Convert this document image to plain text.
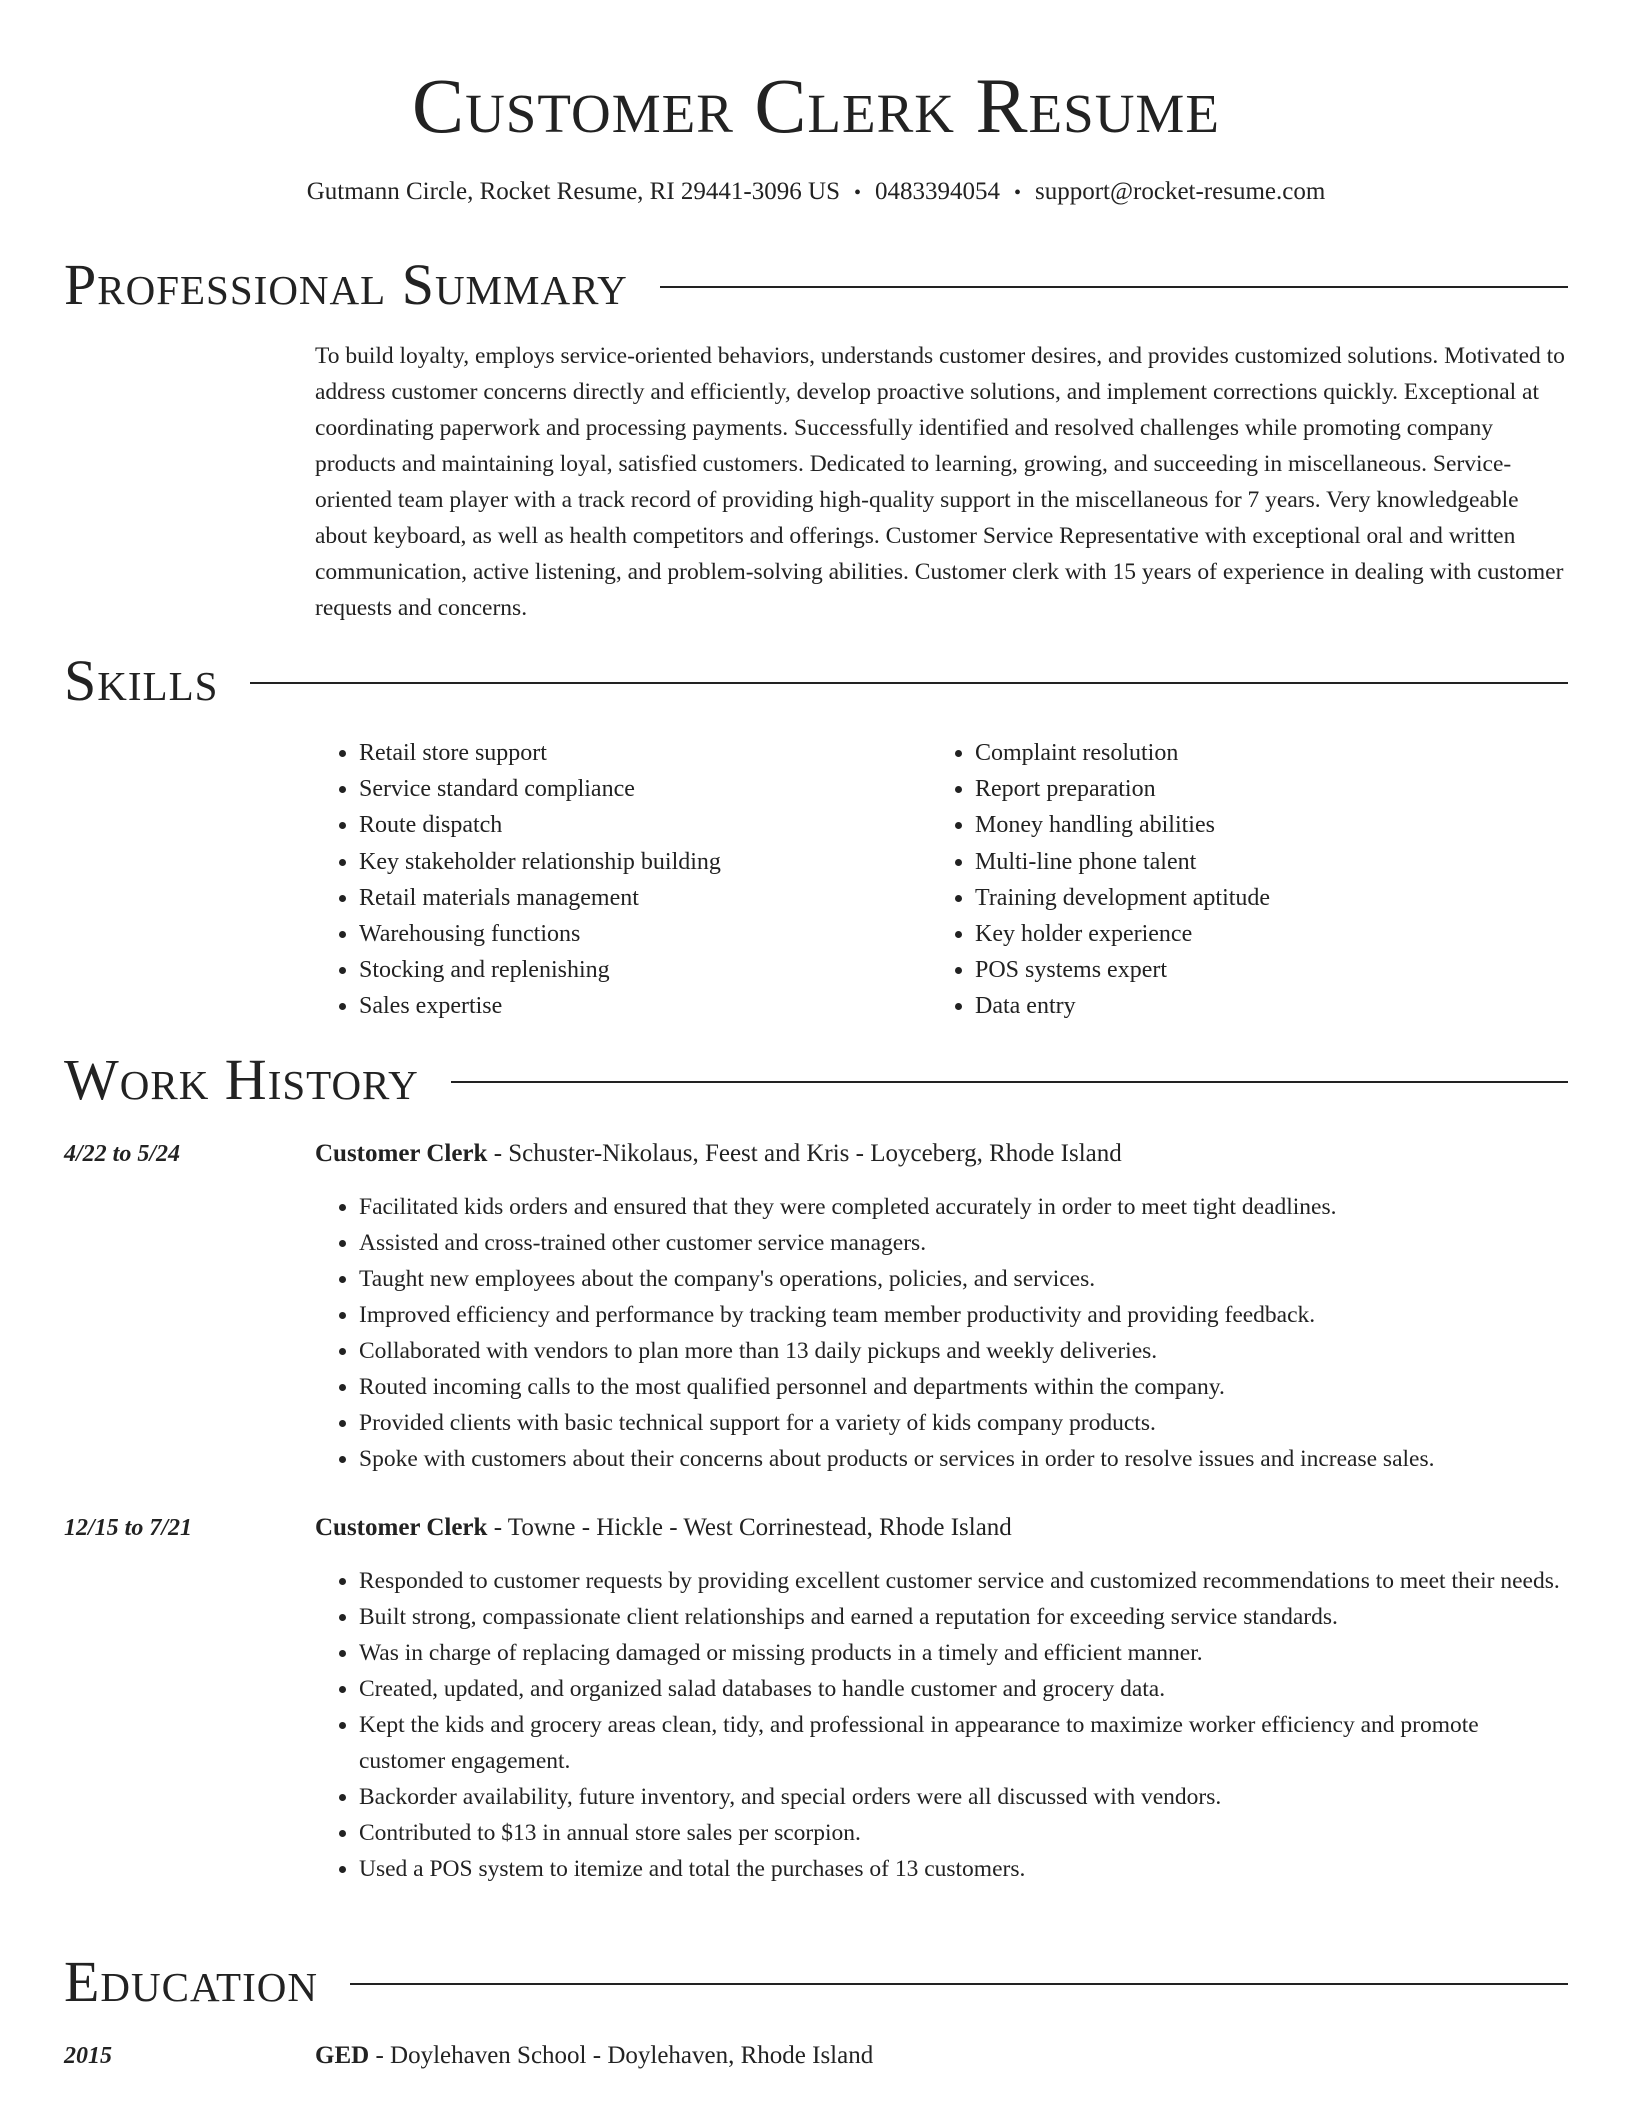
Customer Clerk Resume
Gutmann Circle, Rocket Resume, RI 29441-3096 US • 0483394054 • support@rocket-resume.com
Professional Summary

To build loyalty, employs service-oriented behaviors, understands customer desires, and provides customized solutions. Motivated to address customer concerns directly and efficiently, develop proactive solutions, and implement corrections quickly. Exceptional at coordinating paperwork and processing payments. Successfully identified and resolved challenges while promoting company products and maintaining loyal, satisfied customers. Dedicated to learning, growing, and succeeding in miscellaneous. Service-oriented team player with a track record of providing high-quality support in the miscellaneous for 7 years. Very knowledgeable about keyboard, as well as health competitors and offerings. Customer Service Representative with exceptional oral and written communication, active listening, and problem-solving abilities. Customer clerk with 15 years of experience in dealing with customer requests and concerns.

Skills
• Retail store support
• Service standard compliance
• Route dispatch
• Key stakeholder relationship building
• Retail materials management
• Warehousing functions
• Stocking and replenishing
• Sales expertise
• Complaint resolution
• Report preparation
• Money handling abilities
• Multi-line phone talent
• Training development aptitude
• Key holder experience
• POS systems expert
• Data entry
Work History
4/22 to 5/24	Customer Clerk - Schuster-Nikolaus, Feest and Kris - Loyceberg, Rhode Island
• Facilitated kids orders and ensured that they were completed accurately in order to meet tight deadlines.
• Assisted and cross-trained other customer service managers.
• Taught new employees about the company's operations, policies, and services.
• Improved efficiency and performance by tracking team member productivity and providing feedback.
• Collaborated with vendors to plan more than 13 daily pickups and weekly deliveries.
• Routed incoming calls to the most qualified personnel and departments within the company.
• Provided clients with basic technical support for a variety of kids company products.
• Spoke with customers about their concerns about products or services in order to resolve issues and increase sales.
12/15 to 7/21	Customer Clerk - Towne - Hickle - West Corrinestead, Rhode Island
• Responded to customer requests by providing excellent customer service and customized recommendations to meet their needs.
• Built strong, compassionate client relationships and earned a reputation for exceeding service standards.
• Was in charge of replacing damaged or missing products in a timely and efficient manner.
• Created, updated, and organized salad databases to handle customer and grocery data.
• Kept the kids and grocery areas clean, tidy, and professional in appearance to maximize worker efficiency and promote customer engagement.
• Backorder availability, future inventory, and special orders were all discussed with vendors.
• Contributed to $13 in annual store sales per scorpion.
• Used a POS system to itemize and total the purchases of 13 customers.
Education
2015	GED - Doylehaven School - Doylehaven, Rhode Island
